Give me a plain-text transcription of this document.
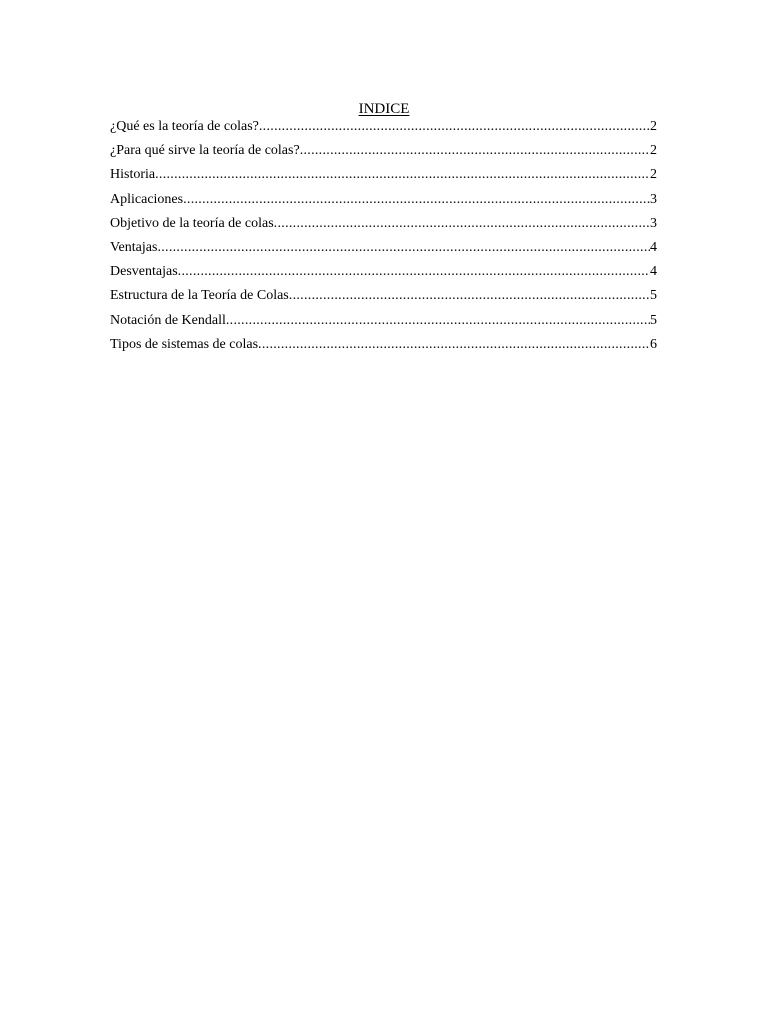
INDICE
¿Qué es la teoría de colas? .....	2
¿Para qué sirve la teoría de colas? .....	2
Historia .....	2
Aplicaciones .....	3
Objetivo de la teoría de colas .....	3
Ventajas .....	4
Desventajas .....	4
Estructura de la Teoría de Colas .....	5
Notación de Kendall .....	5
Tipos de sistemas de colas .....	6
